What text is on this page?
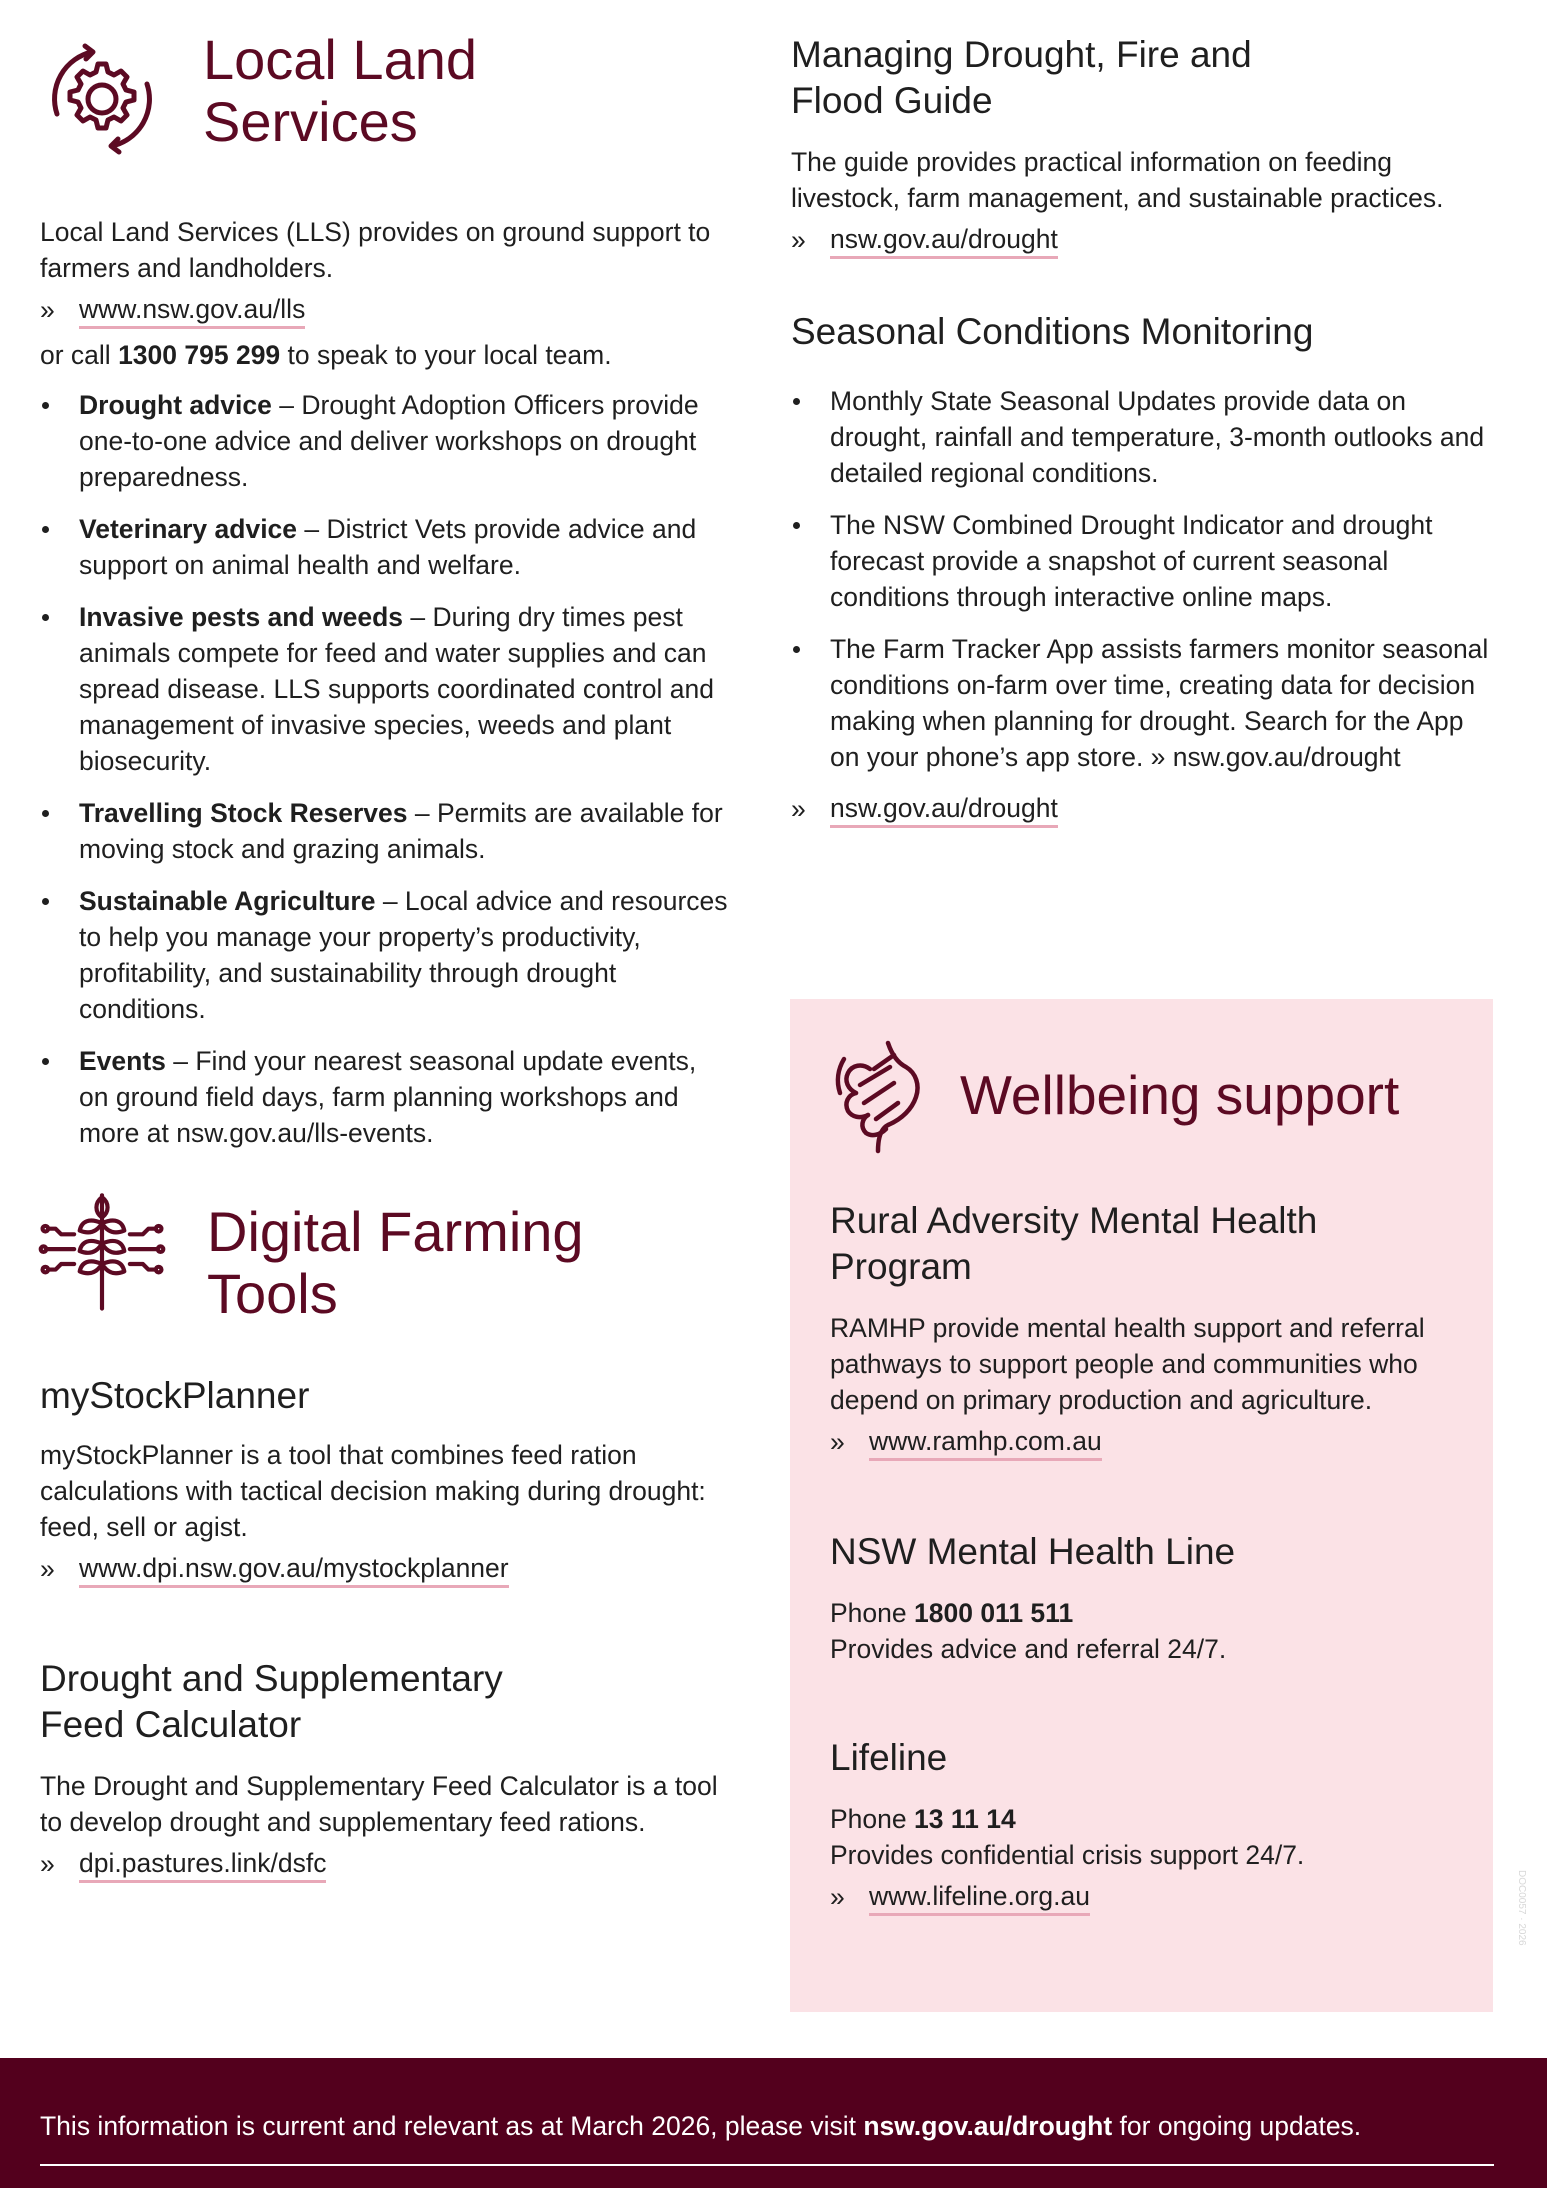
Local Land
Services

Local Land Services (LLS) provides on ground support to farmers and landholders.

» www.nsw.gov.au/lls

or call 1300 795 299 to speak to your local team.

Drought advice – Drought Adoption Officers provide one-to-one advice and deliver workshops on drought preparedness.
Veterinary advice – District Vets provide advice and support on animal health and welfare.
Invasive pests and weeds – During dry times pest animals compete for feed and water supplies and can spread disease. LLS supports coordinated control and management of invasive species, weeds and plant biosecurity.
Travelling Stock Reserves – Permits are available for moving stock and grazing animals.
Sustainable Agriculture – Local advice and resources to help you manage your property’s productivity, profitability, and sustainability through drought conditions.
Events – Find your nearest seasonal update events, on ground field days, farm planning workshops and more at nsw.gov.au/lls-events.
Digital Farming
Tools
myStockPlanner

myStockPlanner is a tool that combines feed ration calculations with tactical decision making during drought: feed, sell or agist.

» www.dpi.nsw.gov.au/mystockplanner
Drought and Supplementary
Feed Calculator

The Drought and Supplementary Feed Calculator is a tool to develop drought and supplementary feed rations.

» dpi.pastures.link/dsfc
Managing Drought, Fire and
Flood Guide

The guide provides practical information on feeding livestock, farm management, and sustainable practices.

» nsw.gov.au/drought
Seasonal Conditions Monitoring
Monthly State Seasonal Updates provide data on drought, rainfall and temperature, 3-month outlooks and detailed regional conditions.
The NSW Combined Drought Indicator and drought forecast provide a snapshot of current seasonal conditions through interactive online maps.
The Farm Tracker App assists farmers monitor seasonal conditions on-farm over time, creating data for decision making when planning for drought. Search for the App on your phone’s app store. » nsw.gov.au/drought
» nsw.gov.au/drought
Wellbeing support
Rural Adversity Mental Health
Program

RAMHP provide mental health support and referral pathways to support people and communities who depend on primary production and agriculture.

» www.ramhp.com.au
NSW Mental Health Line

Phone 1800 011 511

Provides advice and referral 24/7.

Lifeline

Phone 13 11 14

Provides confidential crisis support 24/7.

» www.lifeline.org.au	DOC0057 · 2026
This information is current and relevant as at March 2026, please visit nsw.gov.au/drought for ongoing updates.
